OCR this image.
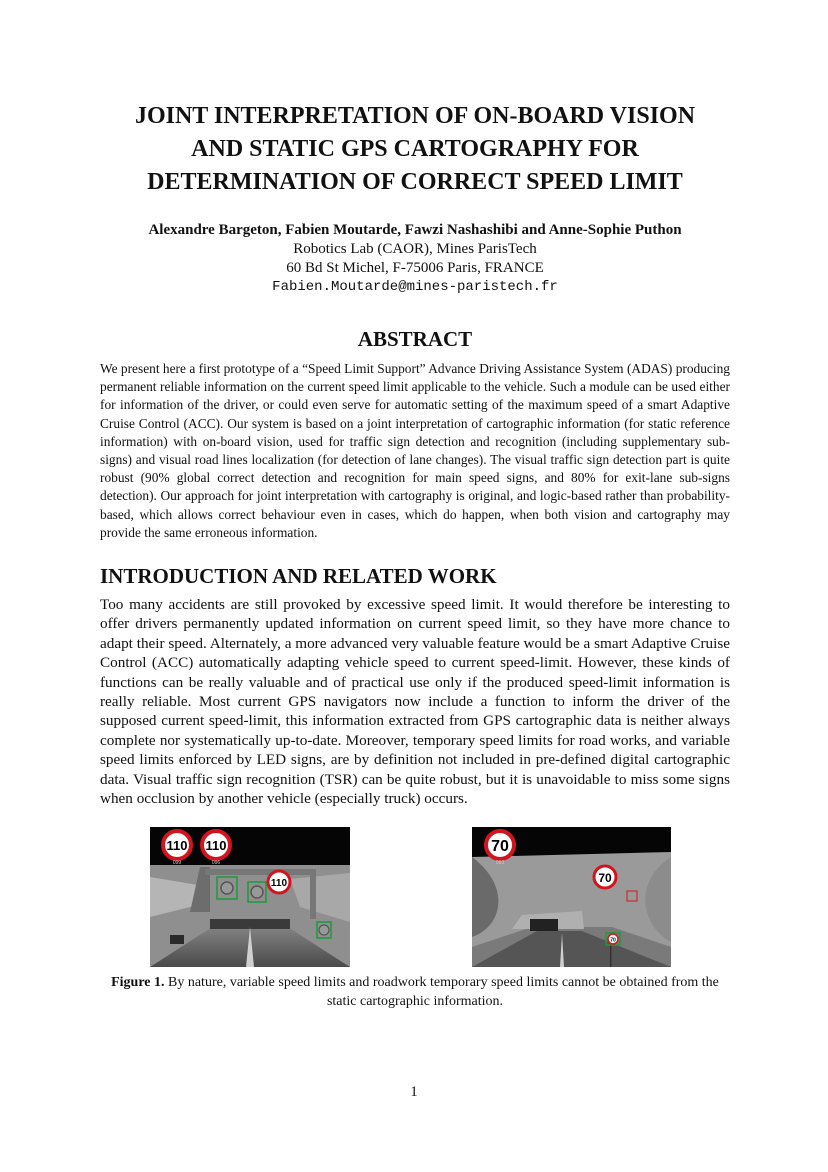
JOINT INTERPRETATION OF ON-BOARD VISION
AND STATIC GPS CARTOGRAPHY FOR
DETERMINATION OF CORRECT SPEED LIMIT
Alexandre Bargeton, Fabien Moutarde, Fawzi Nashashibi and Anne-Sophie Puthon
Robotics Lab (CAOR), Mines ParisTech
60 Bd St Michel, F-75006 Paris, FRANCE
Fabien.Moutarde@mines-paristech.fr
ABSTRACT

We present here a first prototype of a “Speed Limit Support” Advance Driving Assistance System (ADAS) producing permanent reliable information on the current speed limit applicable to the vehicle. Such a module can be used either for information of the driver, or could even serve for automatic setting of the maximum speed of a smart Adaptive Cruise Control (ACC). Our system is based on a joint interpretation of cartographic information (for static reference information) with on-board vision, used for traffic sign detection and recognition (including supplementary sub-signs) and visual road lines localization (for detection of lane changes). The visual traffic sign detection part is quite robust (90% global correct detection and recognition for main speed signs, and 80% for exit-lane sub-signs detection). Our approach for joint interpretation with cartography is original, and logic-based rather than probability-based, which allows correct behaviour even in cases, which do happen, when both vision and cartography may provide the same erroneous information.

INTRODUCTION AND RELATED WORK

Too many accidents are still provoked by excessive speed limit. It would therefore be interesting to offer drivers permanently updated information on current speed limit, so they have more chance to adapt their speed. Alternately, a more advanced very valuable feature would be a smart Adaptive Cruise Control (ACC) automatically adapting vehicle speed to current speed-limit. However, these kinds of functions can be really valuable and of practical use only if the produced speed-limit information is really reliable. Most current GPS navigators now include a function to inform the driver of the supposed current speed-limit, this information extracted from GPS cartographic data is neither always complete nor systematically up-to-date. Moreover, temporary speed limits for road works, and variable speed limits enforced by LED signs, are by definition not included in pre-defined digital cartographic data. Visual traffic sign recognition (TSR) can be quite robust, but it is unavoidable to miss some signs when occlusion by another vehicle (especially truck) occurs.

110
099
110
096
110
70
093
70
70
Figure 1. By nature, variable speed limits and roadwork temporary speed limits cannot be obtained from the static cartographic information.
1
